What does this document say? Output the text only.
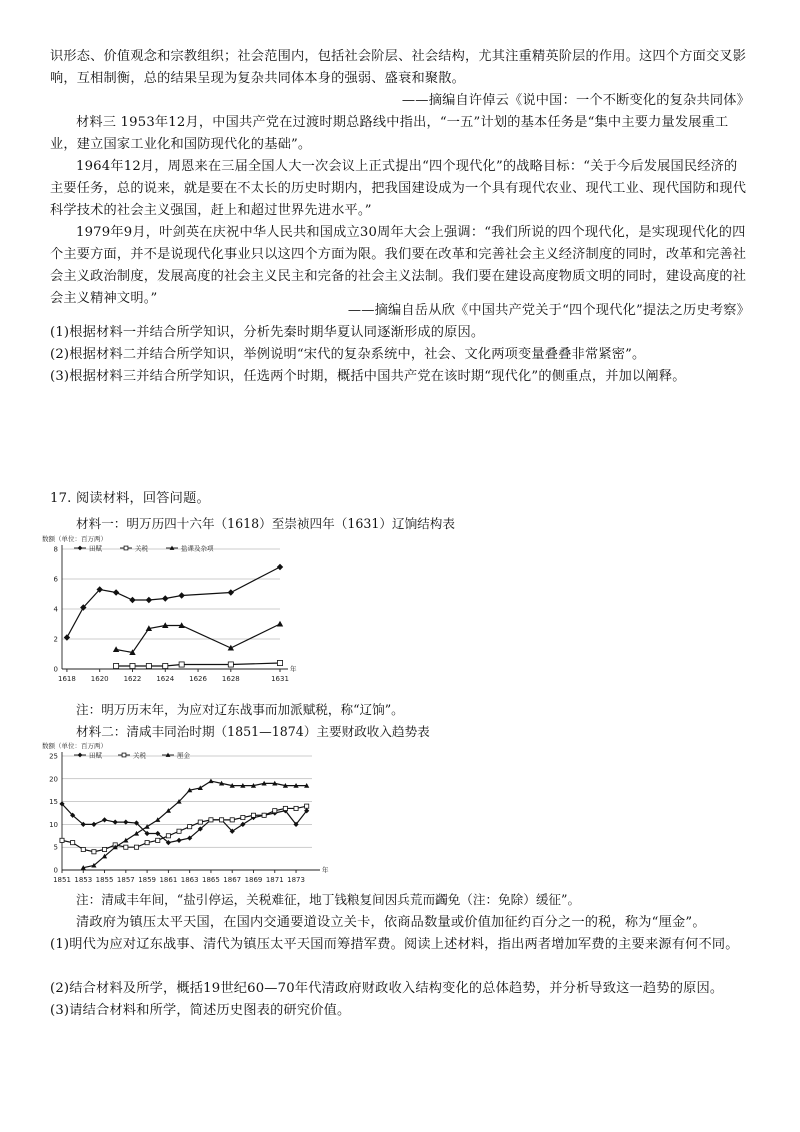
识形态、价值观念和宗教组织；社会范围内，包括社会阶层、社会结构，尤其注重精英阶层的作用。这四个方面交叉影响，互相制衡，总的结果呈现为复杂共同体本身的强弱、盛衰和聚散。

——摘编自许倬云《说中国：一个不断变化的复杂共同体》

材料三 1953年12月，中国共产党在过渡时期总路线中指出，“一五”计划的基本任务是“集中主要力量发展重工业，建立国家工业化和国防现代化的基础”。

1964年12月，周恩来在三届全国人大一次会议上正式提出“四个现代化”的战略目标：“关于今后发展国民经济的主要任务，总的说来，就是要在不太长的历史时期内，把我国建设成为一个具有现代农业、现代工业、现代国防和现代科学技术的社会主义强国，赶上和超过世界先进水平。”

1979年9月，叶剑英在庆祝中华人民共和国成立30周年大会上强调：“我们所说的四个现代化，是实现现代化的四个主要方面，并不是说现代化事业只以这四个方面为限。我们要在改革和完善社会主义经济制度的同时，改革和完善社会主义政治制度，发展高度的社会主义民主和完备的社会主义法制。我们要在建设高度物质文明的同时，建设高度的社会主义精神文明。”

——摘编自岳从欣《中国共产党关于“四个现代化”提法之历史考察》

(1)根据材料一并结合所学知识，分析先秦时期华夏认同逐渐形成的原因。

(2)根据材料二并结合所学知识，举例说明“宋代的复杂系统中，社会、文化两项变量叠叠非常紧密”。

(3)根据材料三并结合所学知识，任选两个时期，概括中国共产党在该时期“现代化”的侧重点，并加以阐释。

17. 阅读材料，回答问题。

材料一：明万历四十六年（1618）至崇祯四年（1631）辽饷结构表

数额（单位：百万两）
0
2
4
6
8
年
1618 1620 1622 1624 1626 1628	1631
田赋	关税	盐课及杂项

注：明万历末年，为应对辽东战事而加派赋税，称“辽饷”。

材料二：清咸丰同治时期（1851—1874）主要财政收入趋势表

数额（单位：百万两）
0
5
10
15
20
25
年
1851 1853 1855 1857 1859 1861 1863 1865 1867 1869 1871 1873
田赋	关税	厘金

注：清咸丰年间，“盐引停运，关税难征，地丁钱粮复间因兵荒而蠲免（注：免除）缓征”。

清政府为镇压太平天国，在国内交通要道设立关卡，依商品数量或价值加征约百分之一的税，称为“厘金”。

(1)明代为应对辽东战事、清代为镇压太平天国而筹措军费。阅读上述材料，指出两者增加军费的主要来源有何不同。

(2)结合材料及所学，概括19世纪60—70年代清政府财政收入结构变化的总体趋势，并分析导致这一趋势的原因。

(3)请结合材料和所学，简述历史图表的研究价值。
